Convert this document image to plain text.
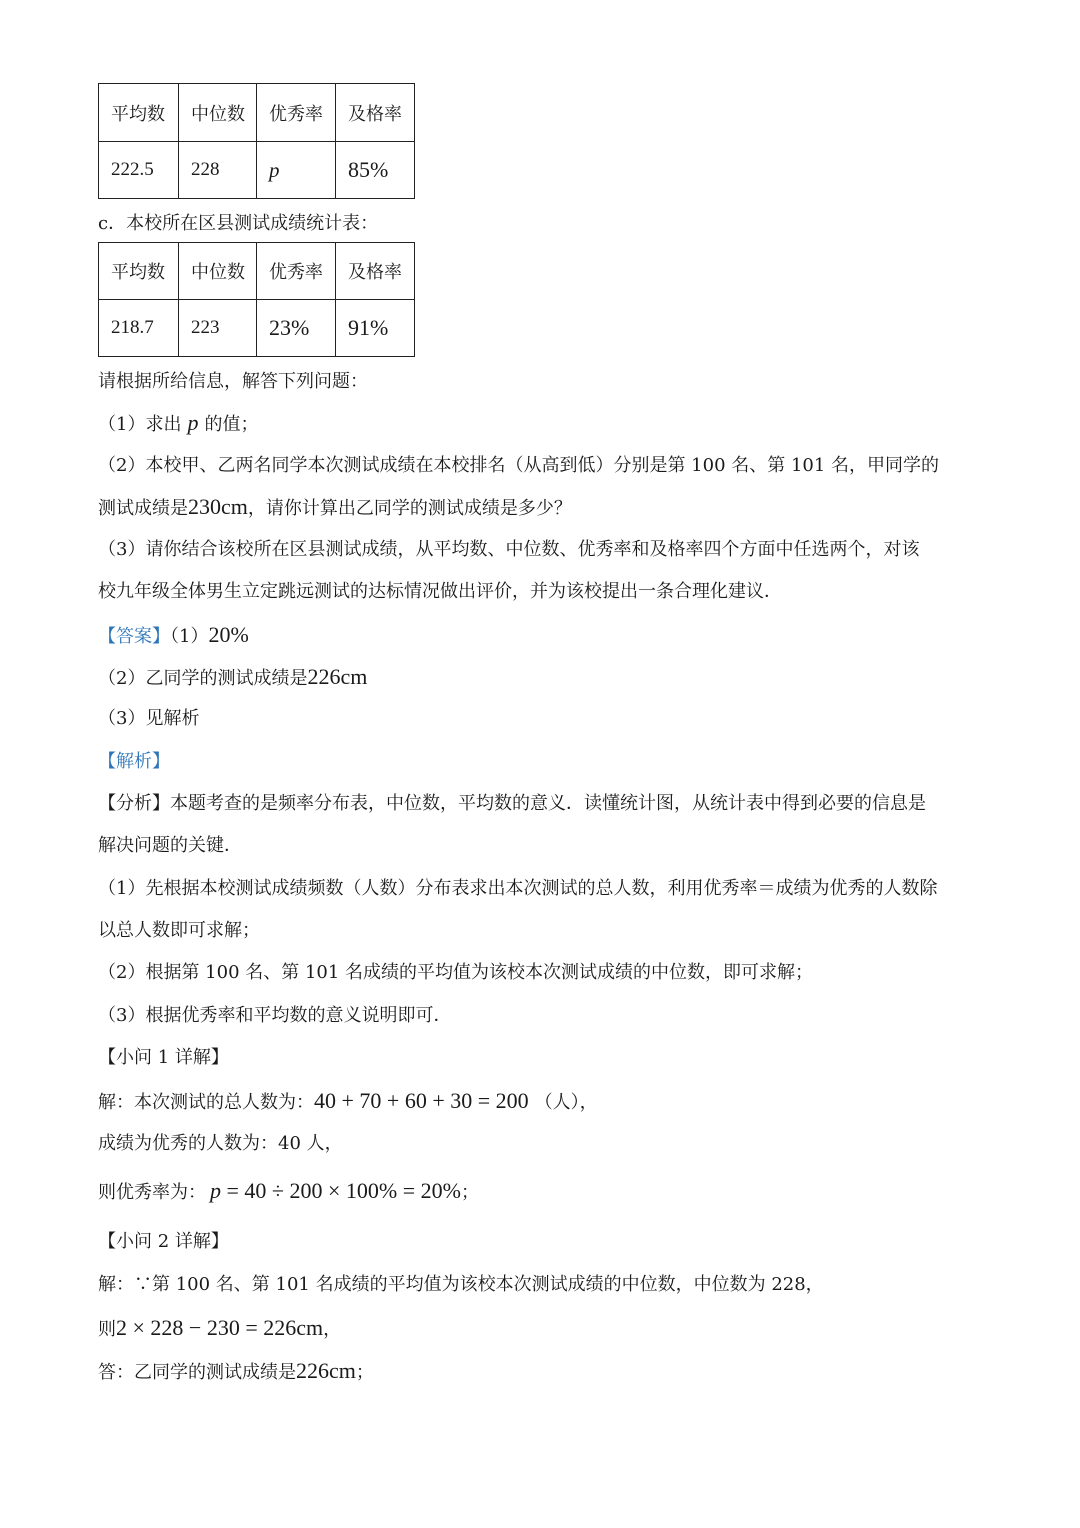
平均数	中位数	优秀率	及格率
222.5	228	p	85%
c．本校所在区县测试成绩统计表：
平均数	中位数	优秀率	及格率
218.7	223	23%	91%
请根据所给信息，解答下列问题：
（1）求出 p 的值；
（2）本校甲、乙两名同学本次测试成绩在本校排名（从高到低）分别是第 100 名、第 101 名，甲同学的
测试成绩是230cm，请你计算出乙同学的测试成绩是多少？
（3）请你结合该校所在区县测试成绩，从平均数、中位数、优秀率和及格率四个方面中任选两个，对该
校九年级全体男生立定跳远测试的达标情况做出评价，并为该校提出一条合理化建议．
【答案】（1）20%
（2）乙同学的测试成绩是226cm
（3）见解析
【解析】
【分析】本题考查的是频率分布表，中位数，平均数的意义．读懂统计图，从统计表中得到必要的信息是
解决问题的关键．
（1）先根据本校测试成绩频数（人数）分布表求出本次测试的总人数，利用优秀率＝成绩为优秀的人数除
以总人数即可求解；
（2）根据第 100 名、第 101 名成绩的平均值为该校本次测试成绩的中位数，即可求解；
（3）根据优秀率和平均数的意义说明即可．
【小问 1 详解】
解：本次测试的总人数为：40 + 70 + 60 + 30 = 200 （人），
成绩为优秀的人数为：40 人，
则优秀率为： p = 40 ÷ 200 × 100% = 20%；
【小问 2 详解】
解：∵第 100 名、第 101 名成绩的平均值为该校本次测试成绩的中位数，中位数为 228，
则2 × 228 − 230 = 226cm，
答：乙同学的测试成绩是226cm；
